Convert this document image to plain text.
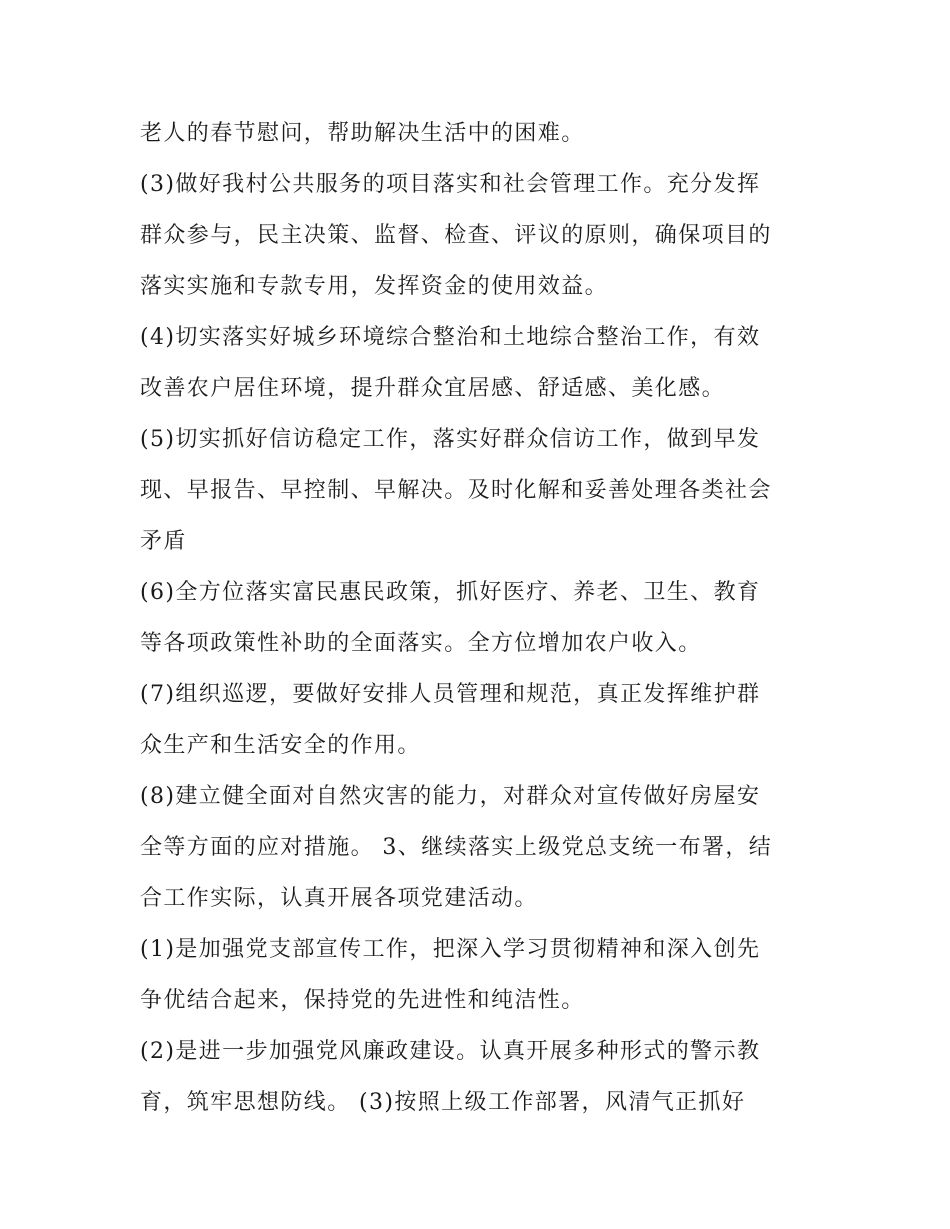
老人的春节慰问，帮助解决生活中的困难。
(3)做好我村公共服务的项目落实和社会管理工作。充分发挥
群众参与，民主决策、监督、检查、评议的原则，确保项目的
落实实施和专款专用，发挥资金的使用效益。
(4)切实落实好城乡环境综合整治和土地综合整治工作，有效
改善农户居住环境，提升群众宜居感、舒适感、美化感。
(5)切实抓好信访稳定工作，落实好群众信访工作，做到早发
现、早报告、早控制、早解决。及时化解和妥善处理各类社会
矛盾
(6)全方位落实富民惠民政策，抓好医疗、养老、卫生、教育
等各项政策性补助的全面落实。全方位增加农户收入。
(7)组织巡逻，要做好安排人员管理和规范，真正发挥维护群
众生产和生活安全的作用。
(8)建立健全面对自然灾害的能力，对群众对宣传做好房屋安
全等方面的应对措施。 3、继续落实上级党总支统一布署，结
合工作实际，认真开展各项党建活动。
(1)是加强党支部宣传工作，把深入学习贯彻精神和深入创先
争优结合起来，保持党的先进性和纯洁性。
(2)是进一步加强党风廉政建设。认真开展多种形式的警示教
育，筑牢思想防线。 (3)按照上级工作部署，风清气正抓好
